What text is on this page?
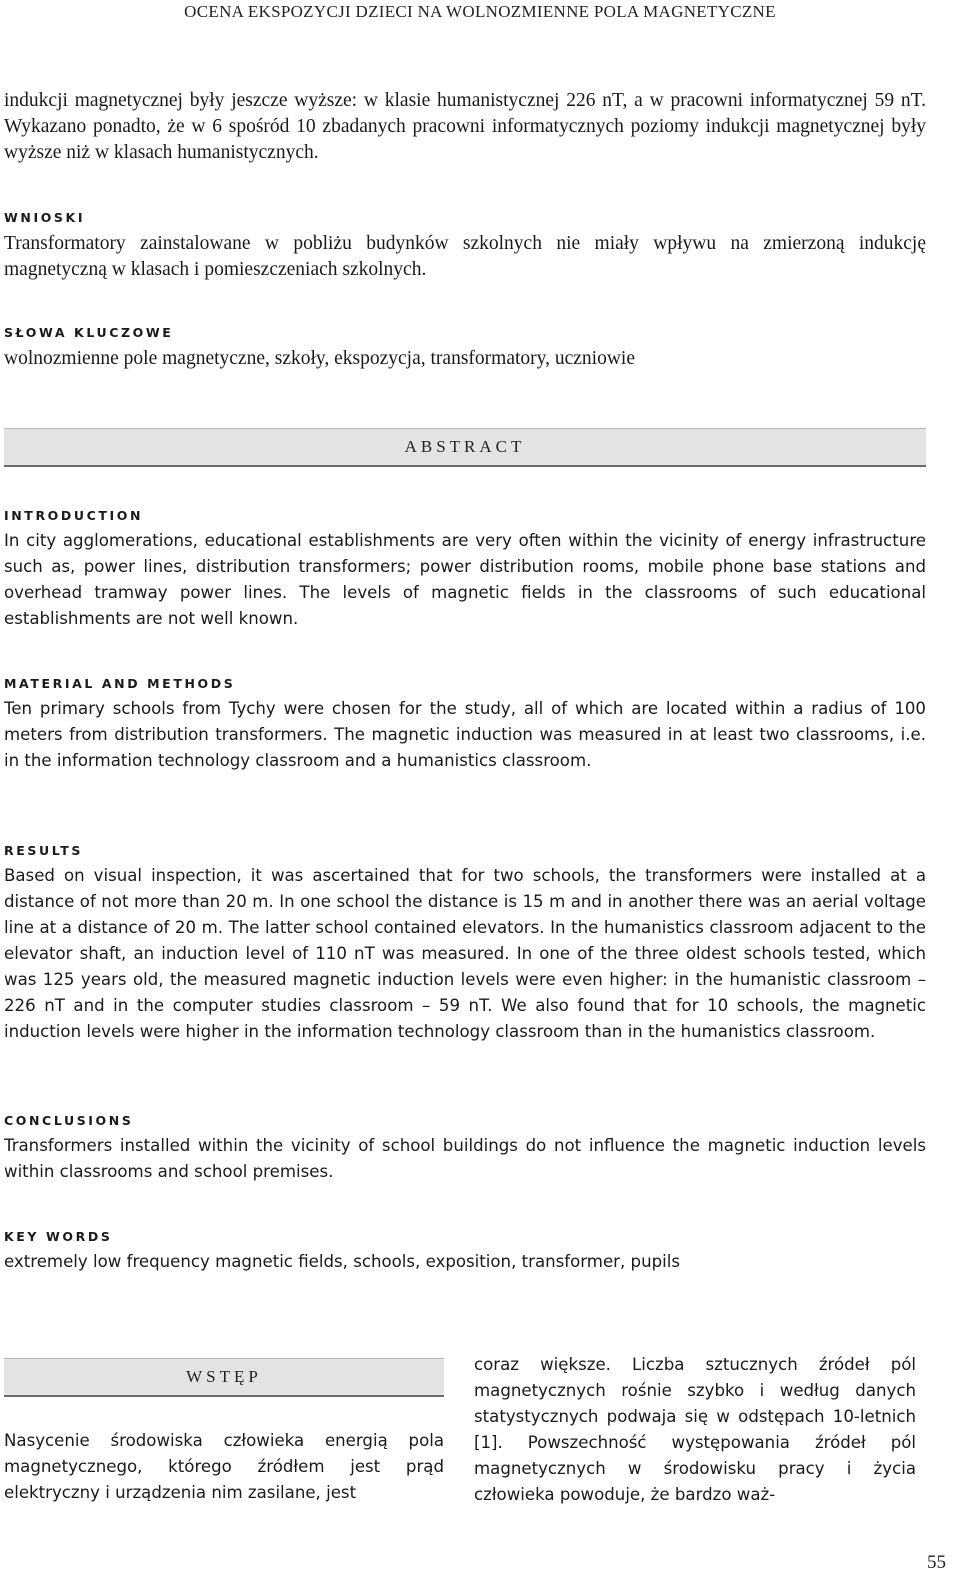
OCENA EKSPOZYCJI DZIECI NA WOLNOZMIENNE POLA MAGNETYCZNE

indukcji magnetycznej były jeszcze wyższe: w klasie humanistycznej 226 nT, a w pracowni informatycznej 59 nT. Wykazano ponadto, że w 6 spośród 10 zbadanych pracowni informatycznych poziomy indukcji magnetycznej były wyższe niż w klasach humanistycznych.

WNIOSKI

Transformatory zainstalowane w pobliżu budynków szkolnych nie miały wpływu na zmierzoną indukcję magnetyczną w klasach i pomieszczeniach szkolnych.

SŁOWA KLUCZOWE

wolnozmienne pole magnetyczne, szkoły, ekspozycja, transformatory, uczniowie

ABSTRACT

INTRODUCTION

In city agglomerations, educational establishments are very often within the vicinity of energy infrastructure such as, power lines, distribution transformers; power distribution rooms, mobile phone base stations and overhead tramway power lines. The levels of magnetic fields in the classrooms of such educational establishments are not well known.

MATERIAL AND METHODS

Ten primary schools from Tychy were chosen for the study, all of which are located within a radius of 100 meters from distribution transformers. The magnetic induction was measured in at least two classrooms, i.e. in the information technology classroom and a humanistics classroom.

RESULTS

Based on visual inspection, it was ascertained that for two schools, the transformers were installed at a distance of not more than 20 m. In one school the distance is 15 m and in another there was an aerial voltage line at a distance of 20 m. The latter school contained elevators. In the humanistics classroom adjacent to the elevator shaft, an induction level of 110 nT was measured. In one of the three oldest schools tested, which was 125 years old, the measured magnetic induction levels were even higher: in the humanistic classroom – 226 nT and in the computer studies classroom – 59 nT. We also found that for 10 schools, the magnetic induction levels were higher in the information technology classroom than in the humanistics classroom.

CONCLUSIONS

Transformers installed within the vicinity of school buildings do not influence the magnetic induction levels within classrooms and school premises.

KEY WORDS

extremely low frequency magnetic fields, schools, exposition, transformer, pupils

WSTĘP

Nasycenie środowiska człowieka energią pola magnetycznego, którego źródłem jest prąd elektryczny i urządzenia nim zasilane, jest

coraz większe. Liczba sztucznych źródeł pól magnetycznych rośnie szybko i według danych statystycznych podwaja się w odstępach 10-letnich [1]. Powszechność występowania źródeł pól magnetycznych w środowisku pracy i życia człowieka powoduje, że bardzo waż-

55
